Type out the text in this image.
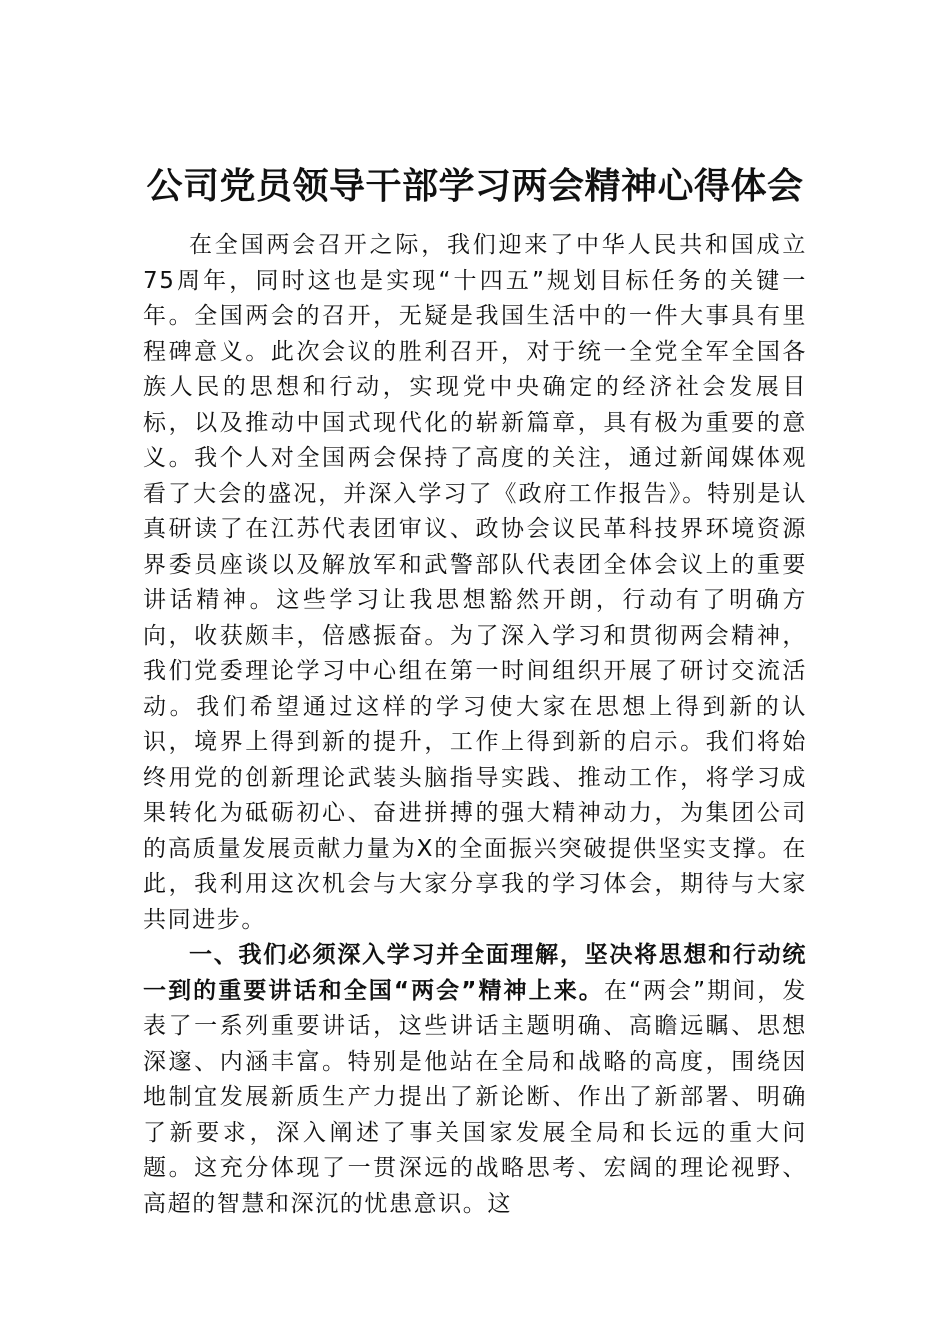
公司党员领导干部学习两会精神心得体会

在全国两会召开之际，我们迎来了中华人民共和国成立75周年，同时这也是实现“十四五”规划目标任务的关键一年。全国两会的召开，无疑是我国生活中的一件大事具有里程碑意义。此次会议的胜利召开，对于统一全党全军全国各族人民的思想和行动，实现党中央确定的经济社会发展目标，以及推动中国式现代化的崭新篇章，具有极为重要的意义。我个人对全国两会保持了高度的关注，通过新闻媒体观看了大会的盛况，并深入学习了《政府工作报告》。特别是认真研读了在江苏代表团审议、政协会议民革科技界环境资源界委员座谈以及解放军和武警部队代表团全体会议上的重要讲话精神。这些学习让我思想豁然开朗，行动有了明确方向，收获颇丰，倍感振奋。为了深入学习和贯彻两会精神，我们党委理论学习中心组在第一时间组织开展了研讨交流活动。我们希望通过这样的学习使大家在思想上得到新的认识，境界上得到新的提升，工作上得到新的启示。我们将始终用党的创新理论武装头脑指导实践、推动工作，将学习成果转化为砥砺初心、奋进拼搏的强大精神动力，为集团公司的高质量发展贡献力量为X的全面振兴突破提供坚实支撑。在此，我利用这次机会与大家分享我的学习体会，期待与大家共同进步。

一、我们必须深入学习并全面理解，坚决将思想和行动统一到的重要讲话和全国“两会”精神上来。在“两会”期间，发表了一系列重要讲话，这些讲话主题明确、高瞻远瞩、思想深邃、内涵丰富。特别是他站在全局和战略的高度，围绕因地制宜发展新质生产力提出了新论断、作出了新部署、明确了新要求，深入阐述了事关国家发展全局和长远的重大问题。这充分体现了一贯深远的战略思考、宏阔的理论视野、高超的智慧和深沉的忧患意识。这
